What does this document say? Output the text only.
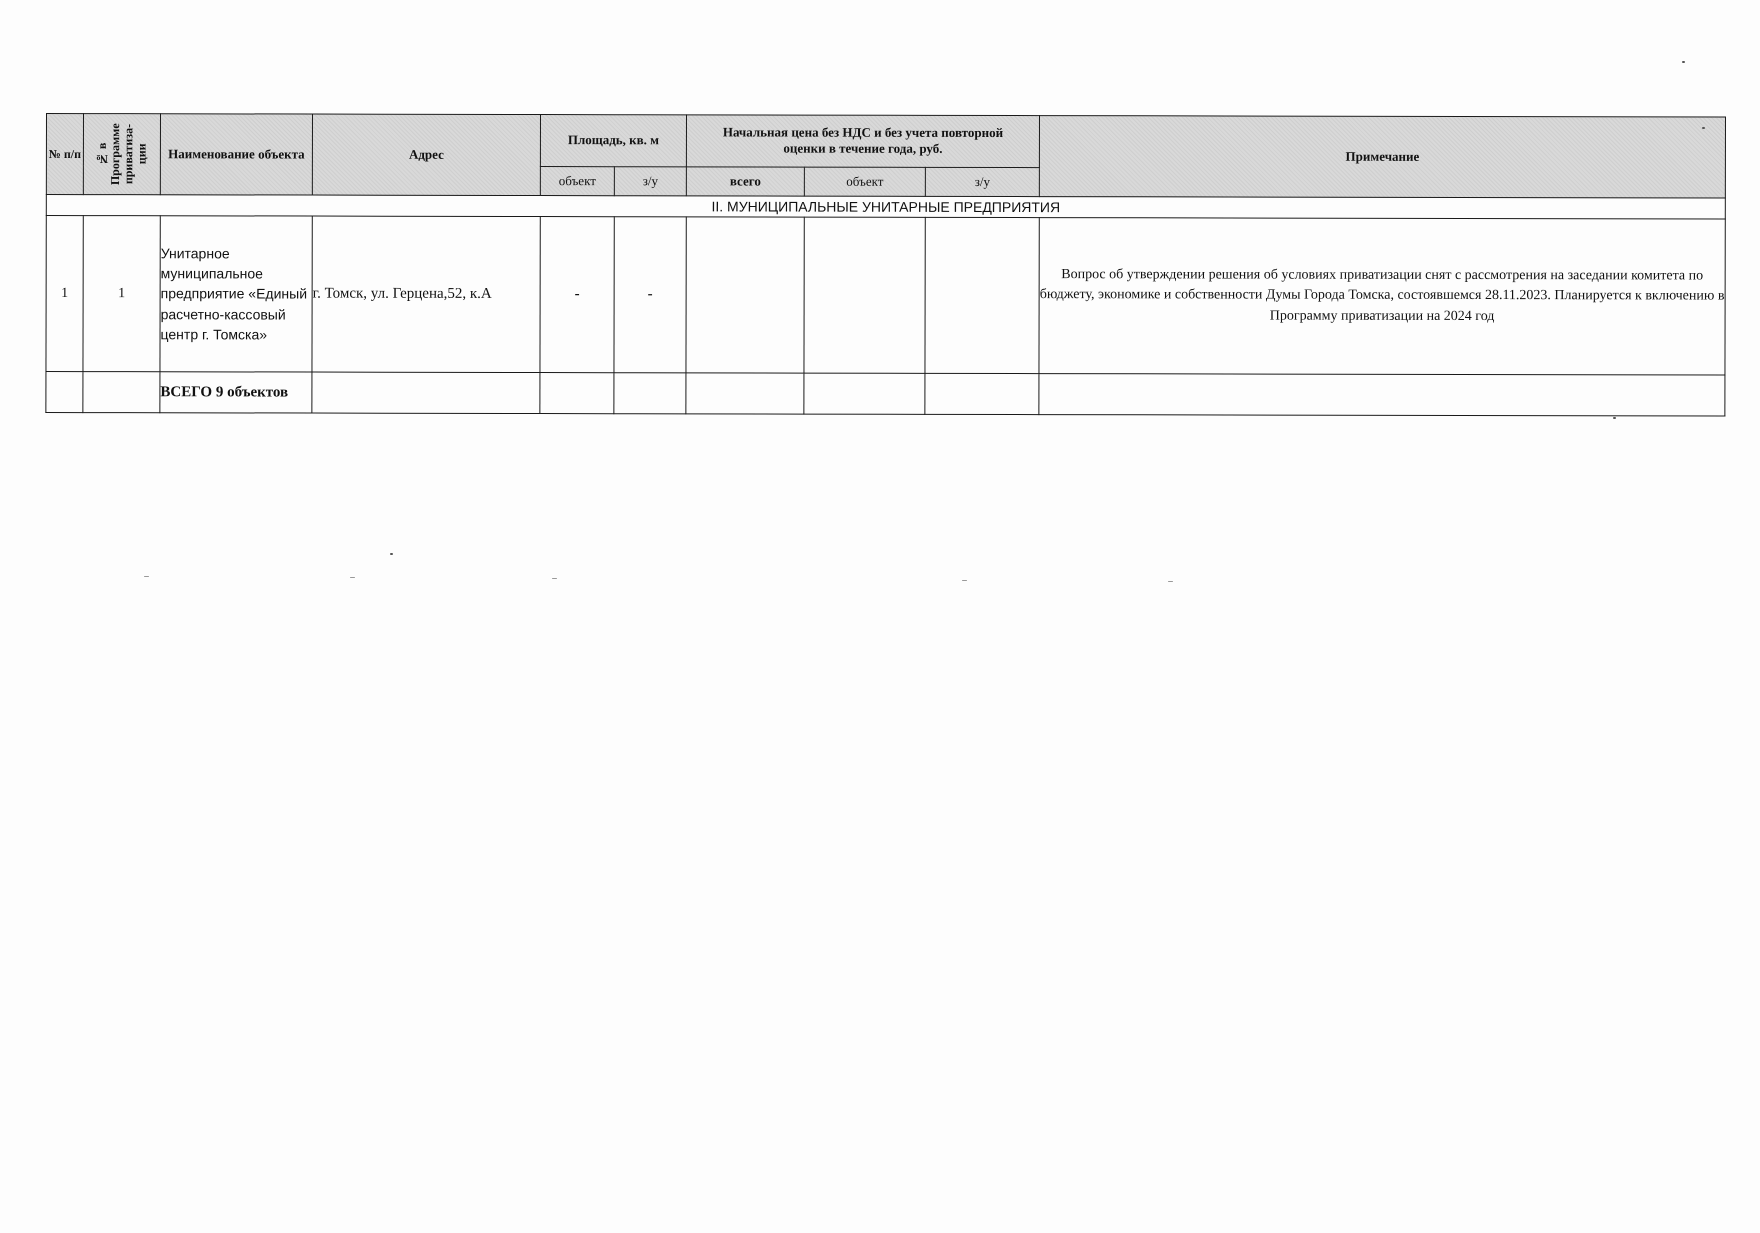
№ п/п	№ в Программе приватиза-ции	Наименование объекта	Адрес	Площадь, кв. м		Начальная цена без НДС и без учета повторной оценки в течение года, руб.			Примечание
				объект	з/у	всего	объект	з/у	
II. МУНИЦИПАЛЬНЫЕ УНИТАРНЫЕ ПРЕДПРИЯТИЯ									
1	1	Унитарное муниципальное предприятие «Единый расчетно-кассовый центр г. Томска»	г. Томск, ул. Герцена,52, к.А	-	-				Вопрос об утверждении решения об условиях приватизации снят с рассмотрения на заседании комитета по бюджету, экономике и собственности Думы Города Томска, состоявшемся 28.11.2023. Планируется к включению в Программу приватизации на 2024 год
		ВСЕГО 9 объектов							
